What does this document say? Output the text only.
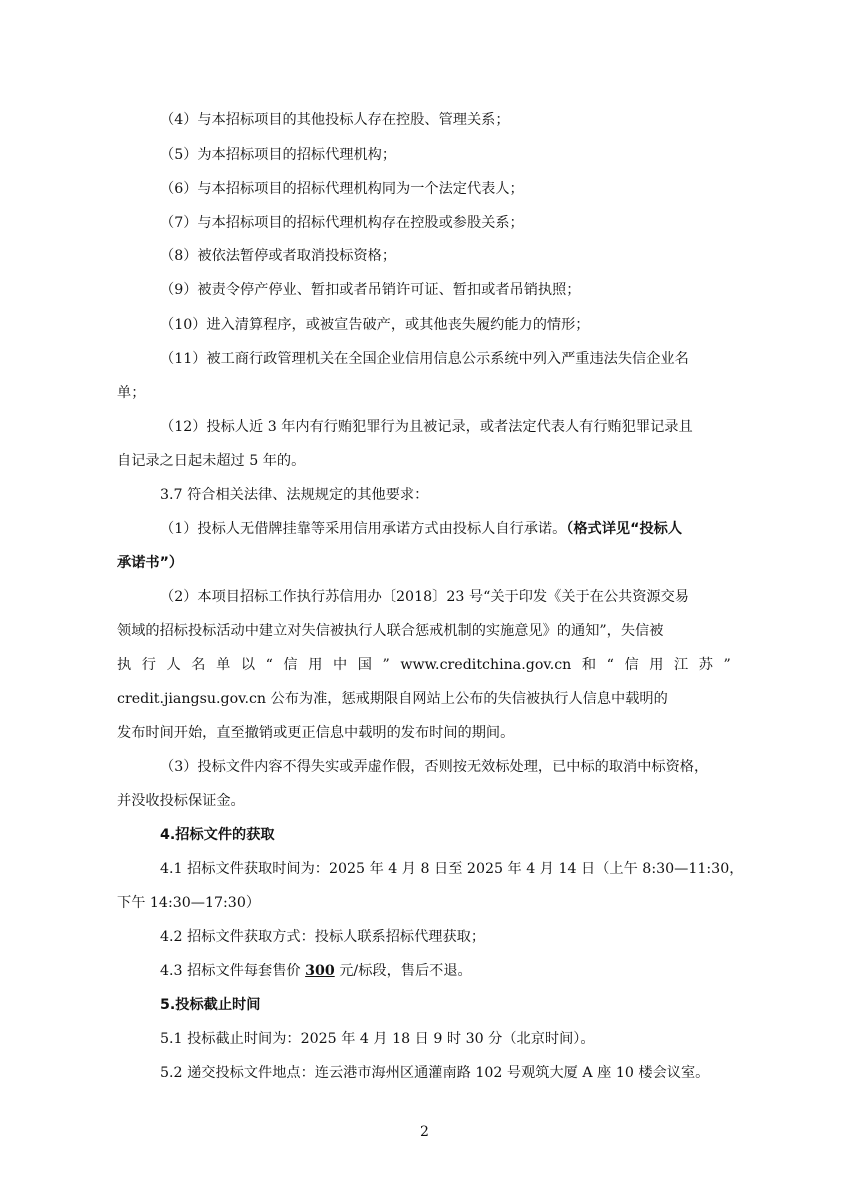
（4）与本招标项目的其他投标人存在控股、管理关系；
（5）为本招标项目的招标代理机构；
（6）与本招标项目的招标代理机构同为一个法定代表人；
（7）与本招标项目的招标代理机构存在控股或参股关系；
（8）被依法暂停或者取消投标资格；
（9）被责令停产停业、暂扣或者吊销许可证、暂扣或者吊销执照；
（10）进入清算程序，或被宣告破产，或其他丧失履约能力的情形；
（11）被工商行政管理机关在全国企业信用信息公示系统中列入严重违法失信企业名
单；
（12）投标人近 3 年内有行贿犯罪行为且被记录，或者法定代表人有行贿犯罪记录且
自记录之日起未超过 5 年的。
3.7 符合相关法律、法规规定的其他要求：
（1）投标人无借牌挂靠等采用信用承诺方式由投标人自行承诺。（格式详见“投标人
承诺书”）
（2）本项目招标工作执行苏信用办〔2018〕23 号“关于印发《关于在公共资源交易
领域的招标投标活动中建立对失信被执行人联合惩戒机制的实施意见》的通知”，失信被
执 行 人 名 单 以 “ 信 用 中 国 ” www.creditchina.gov.cn 和 “ 信 用 江 苏 ”
credit.jiangsu.gov.cn 公布为准，惩戒期限自网站上公布的失信被执行人信息中载明的
发布时间开始，直至撤销或更正信息中载明的发布时间的期间。
（3）投标文件内容不得失实或弄虚作假，否则按无效标处理，已中标的取消中标资格，
并没收投标保证金。
4.招标文件的获取
4.1 招标文件获取时间为：2025 年 4 月 8 日至 2025 年 4 月 14 日（上午 8:30—11:30，
下午 14:30—17:30）
4.2 招标文件获取方式：投标人联系招标代理获取；
4.3 招标文件每套售价 300 元/标段，售后不退。
5.投标截止时间
5.1 投标截止时间为：2025 年 4 月 18 日 9 时 30 分（北京时间）。
5.2 递交投标文件地点：连云港市海州区通灌南路 102 号观筑大厦 A 座 10 楼会议室。
2
